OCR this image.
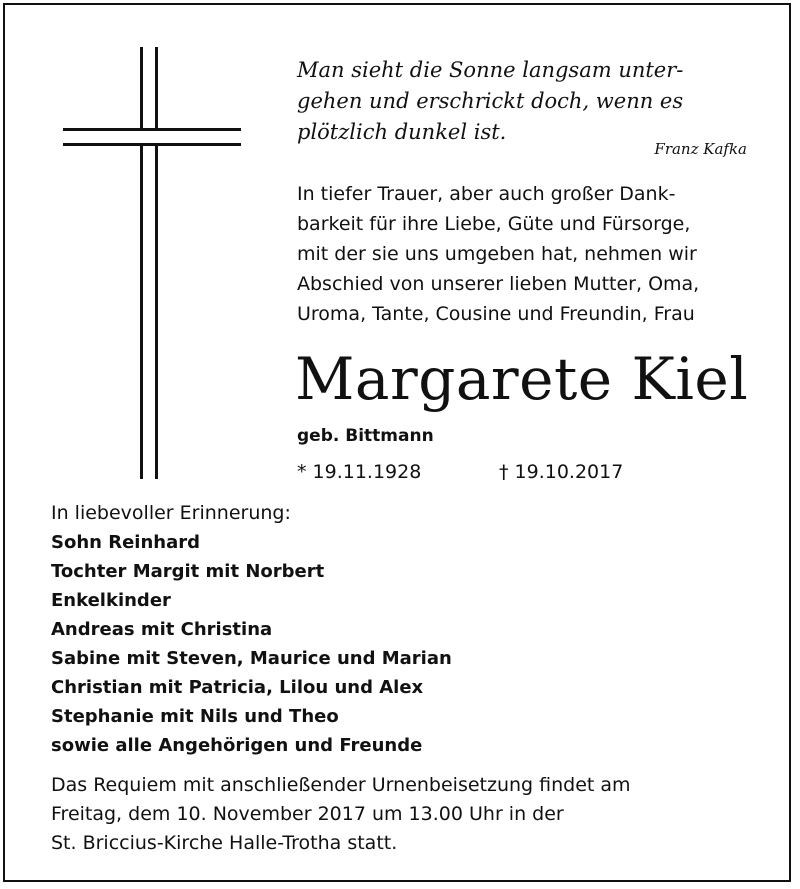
Man sieht die Sonne langsam unter-
gehen und erschrickt doch, wenn es
plötzlich dunkel ist.

Franz Kafka
In tiefer Trauer, aber auch großer Dank-
barkeit für ihre Liebe, Güte und Fürsorge,
mit der sie uns umgeben hat, nehmen wir
Abschied von unserer lieben Mutter, Oma,
Uroma, Tante, Cousine und Freundin, Frau
Margarete Kiel
geb. Bittmann
* 19.11.1928	† 19.10.2017
In liebevoller Erinnerung:
Sohn Reinhard
Tochter Margit mit Norbert
Enkelkinder
Andreas mit Christina
Sabine mit Steven, Maurice und Marian
Christian mit Patricia, Lilou und Alex
Stephanie mit Nils und Theo
sowie alle Angehörigen und Freunde
Das Requiem mit anschließender Urnenbeisetzung findet am
Freitag, dem 10. November 2017 um 13.00 Uhr in der
St. Briccius-Kirche Halle-Trotha statt.
